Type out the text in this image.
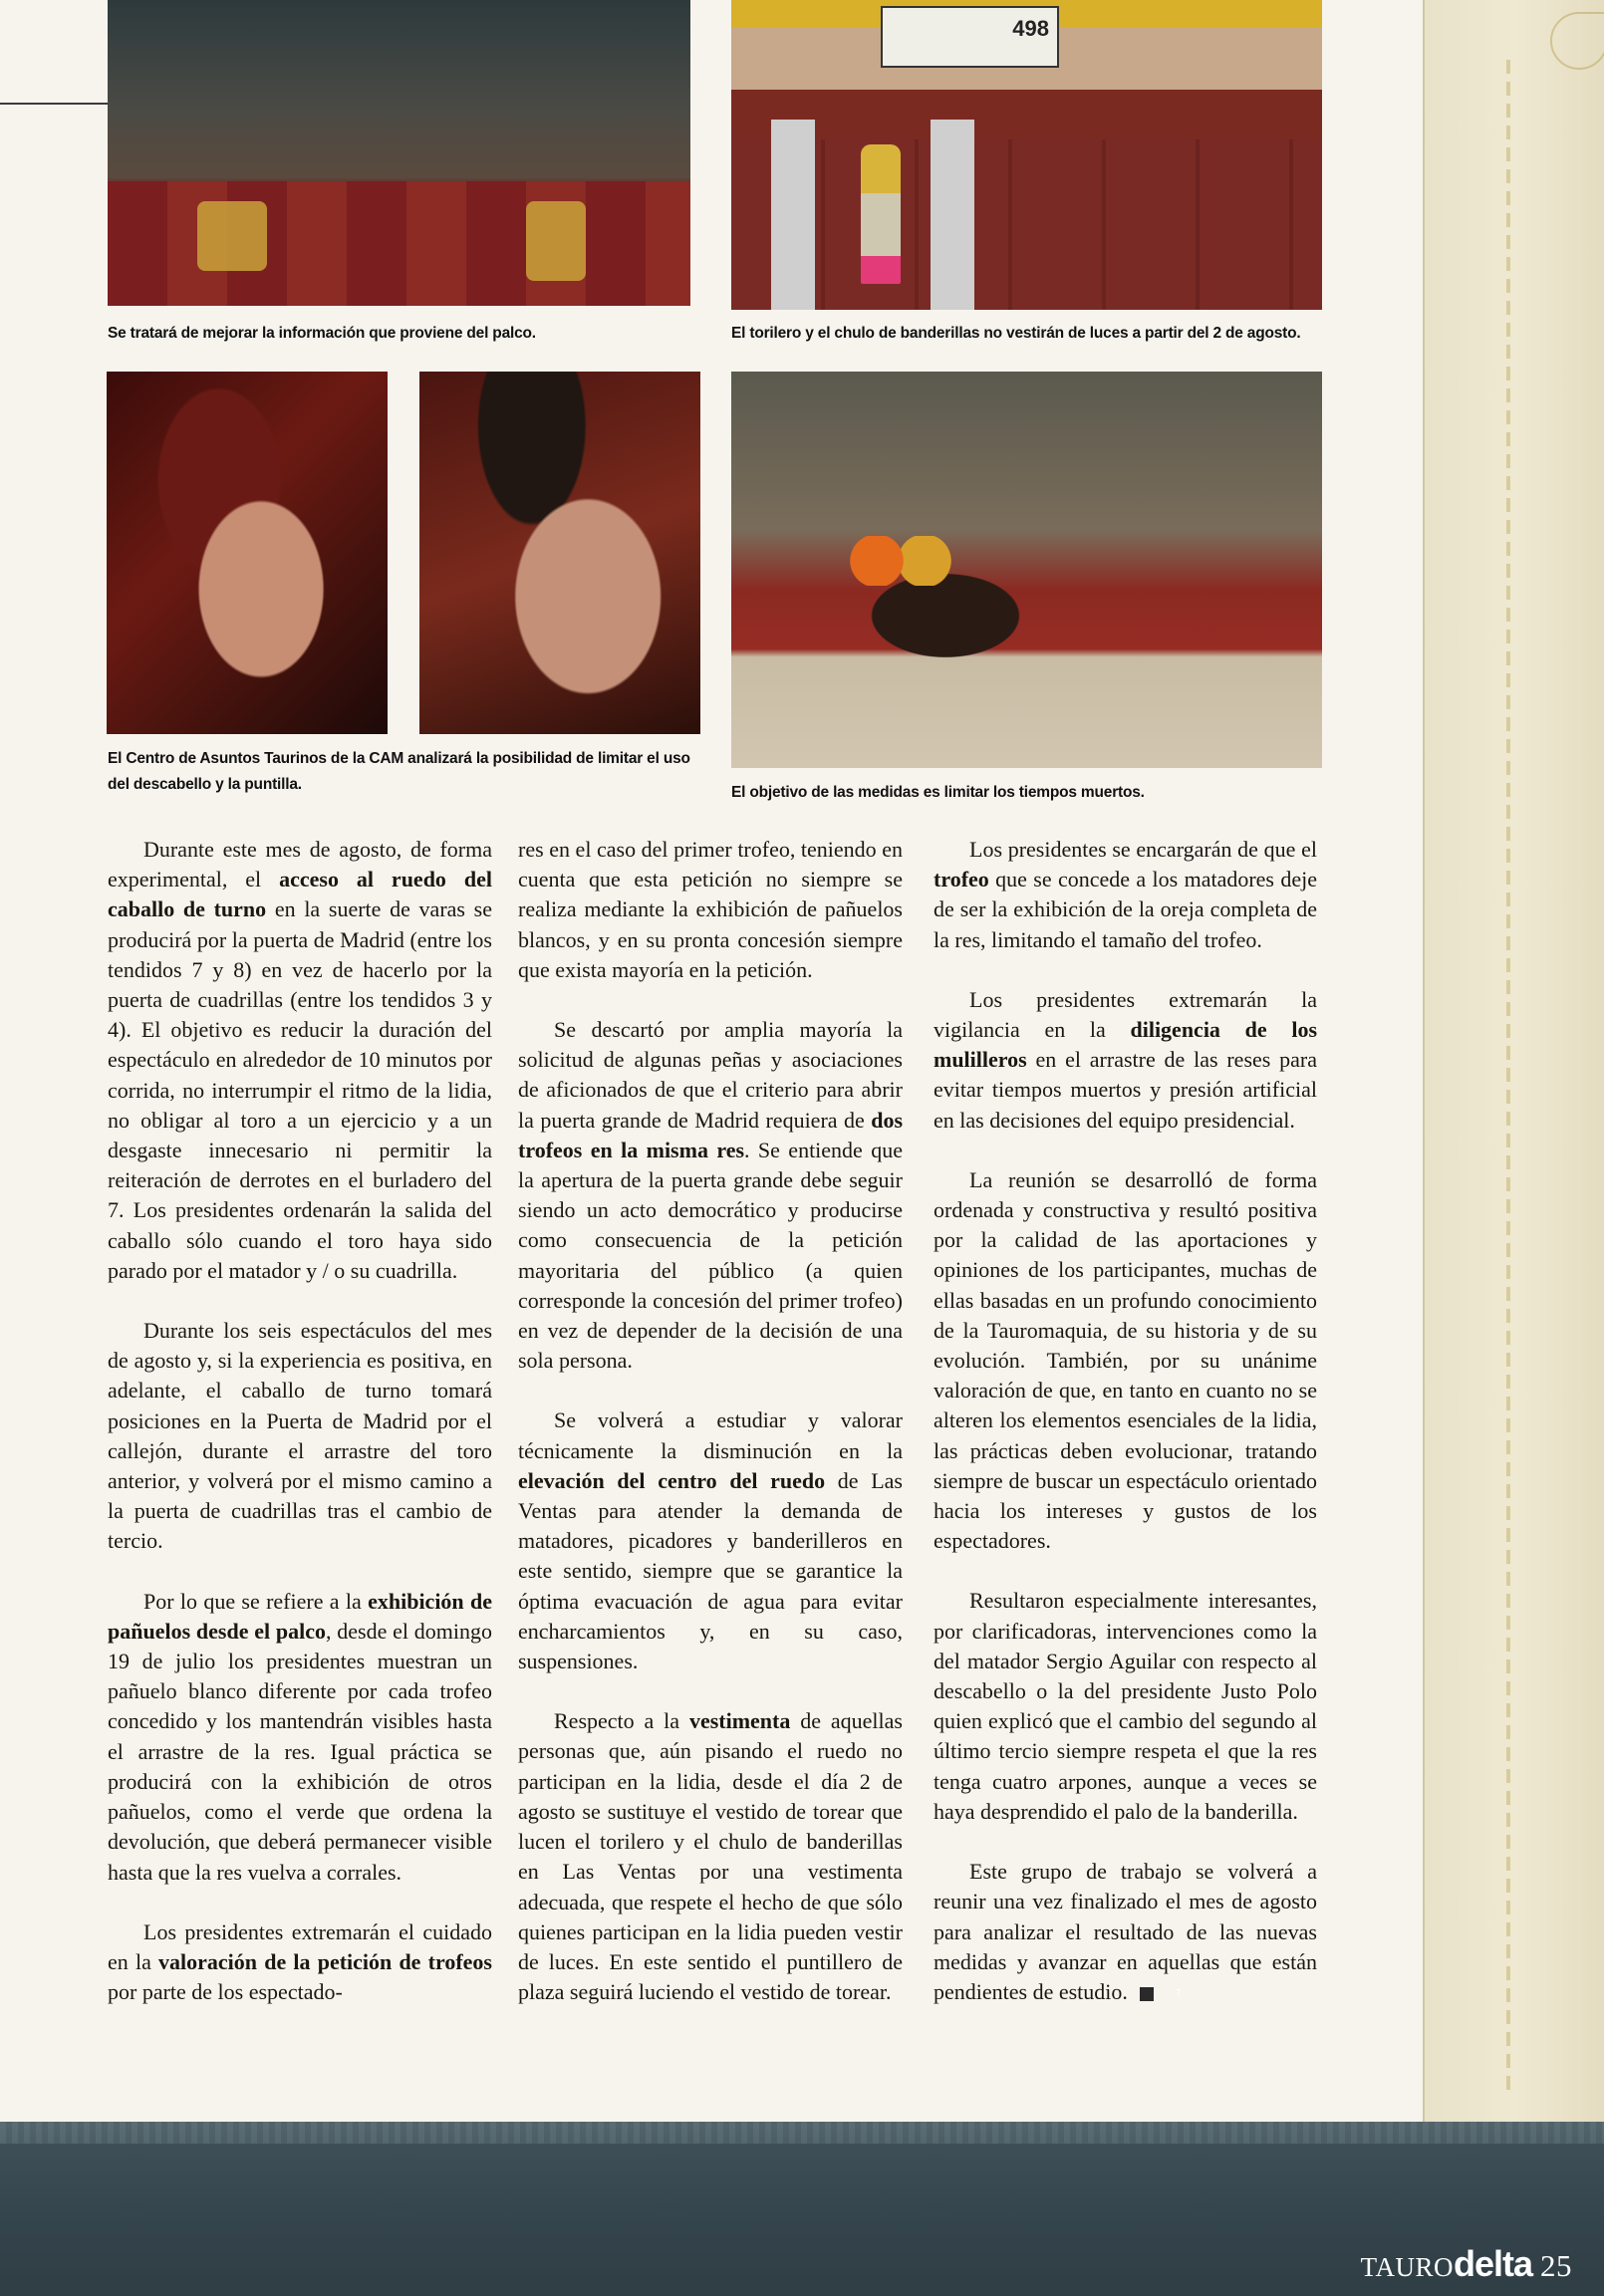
Se tratará de mejorar la información que proviene del palco.
498
El torilero y el chulo de banderillas no vestirán de luces a partir del 2 de agosto.
El Centro de Asuntos Taurinos de la CAM analizará la posibilidad de limitar el uso del descabello y la puntilla.	El objetivo de las medidas es limitar los tiempos muertos.

Durante este mes de agosto, de forma experimental, el acceso al ruedo del caballo de turno en la suerte de varas se producirá por la puerta de Madrid (entre los tendidos 7 y 8) en vez de hacerlo por la puerta de cuadrillas (entre los tendidos 3 y 4). El objetivo es reducir la duración del espectáculo en alrededor de 10 minutos por corrida, no interrumpir el ritmo de la lidia, no obligar al toro a un ejercicio y a un desgaste innecesario ni permitir la reiteración de derrotes en el burladero del 7. Los presidentes ordenarán la salida del caballo sólo cuando el toro haya sido parado por el matador y / o su cuadrilla.

Durante los seis espectáculos del mes de agosto y, si la experiencia es positiva, en adelante, el caballo de turno tomará posiciones en la Puerta de Madrid por el callejón, durante el arrastre del toro anterior, y volverá por el mismo camino a la puerta de cuadrillas tras el cambio de tercio.

Por lo que se refiere a la exhibición de pañuelos desde el palco, desde el domingo 19 de julio los presidentes muestran un pañuelo blanco diferente por cada trofeo concedido y los mantendrán visibles hasta el arrastre de la res. Igual práctica se producirá con la exhibición de otros pañuelos, como el verde que ordena la devolución, que deberá permanecer visible hasta que la res vuelva a corrales.

Los presidentes extremarán el cuidado en la valoración de la petición de trofeos por parte de los espectado-

res en el caso del primer trofeo, teniendo en cuenta que esta petición no siempre se realiza mediante la exhibición de pañuelos blancos, y en su pronta concesión siempre que exista mayoría en la petición.

Se descartó por amplia mayoría la solicitud de algunas peñas y asociaciones de aficionados de que el criterio para abrir la puerta grande de Madrid requiera de dos trofeos en la misma res. Se entiende que la apertura de la puerta grande debe seguir siendo un acto democrático y producirse como consecuencia de la petición mayoritaria del público (a quien corresponde la concesión del primer trofeo) en vez de depender de la decisión de una sola persona.

Se volverá a estudiar y valorar técnicamente la disminución en la elevación del centro del ruedo de Las Ventas para atender la demanda de matadores, picadores y banderilleros en este sentido, siempre que se garantice la óptima evacuación de agua para evitar encharcamientos y, en su caso, suspensiones.

Respecto a la vestimenta de aquellas personas que, aún pisando el ruedo no participan en la lidia, desde el día 2 de agosto se sustituye el vestido de torear que lucen el torilero y el chulo de banderillas en Las Ventas por una vestimenta adecuada, que respete el hecho de que sólo quienes participan en la lidia pueden vestir de luces. En este sentido el puntillero de plaza seguirá luciendo el vestido de torear.

Los presidentes se encargarán de que el trofeo que se concede a los matadores deje de ser la exhibición de la oreja completa de la res, limitando el tamaño del trofeo.

Los presidentes extremarán la vigilancia en la diligencia de los mulilleros en el arrastre de las reses para evitar tiempos muertos y presión artificial en las decisiones del equipo presidencial.

La reunión se desarrolló de forma ordenada y constructiva y resultó positiva por la calidad de las aportaciones y opiniones de los participantes, muchas de ellas basadas en un profundo conocimiento de la Tauromaquia, de su historia y de su evolución. También, por su unánime valoración de que, en tanto en cuanto no se alteren los elementos esenciales de la lidia, las prácticas deben evolucionar, tratando siempre de buscar un espectáculo orientado hacia los intereses y gustos de los espectadores.

Resultaron especialmente interesantes, por clarificadoras, intervenciones como la del matador Sergio Aguilar con respecto al descabello o la del presidente Justo Polo quien explicó que el cambio del segundo al último tercio siempre respeta el que la res tenga cuatro arpones, aunque a veces se haya desprendido el palo de la banderilla.

Este grupo de trabajo se volverá a reunir una vez finalizado el mes de agosto para analizar el resultado de las nuevas medidas y avanzar en aquellas que están pendientes de estudio.	T

TAUROdelta 25
